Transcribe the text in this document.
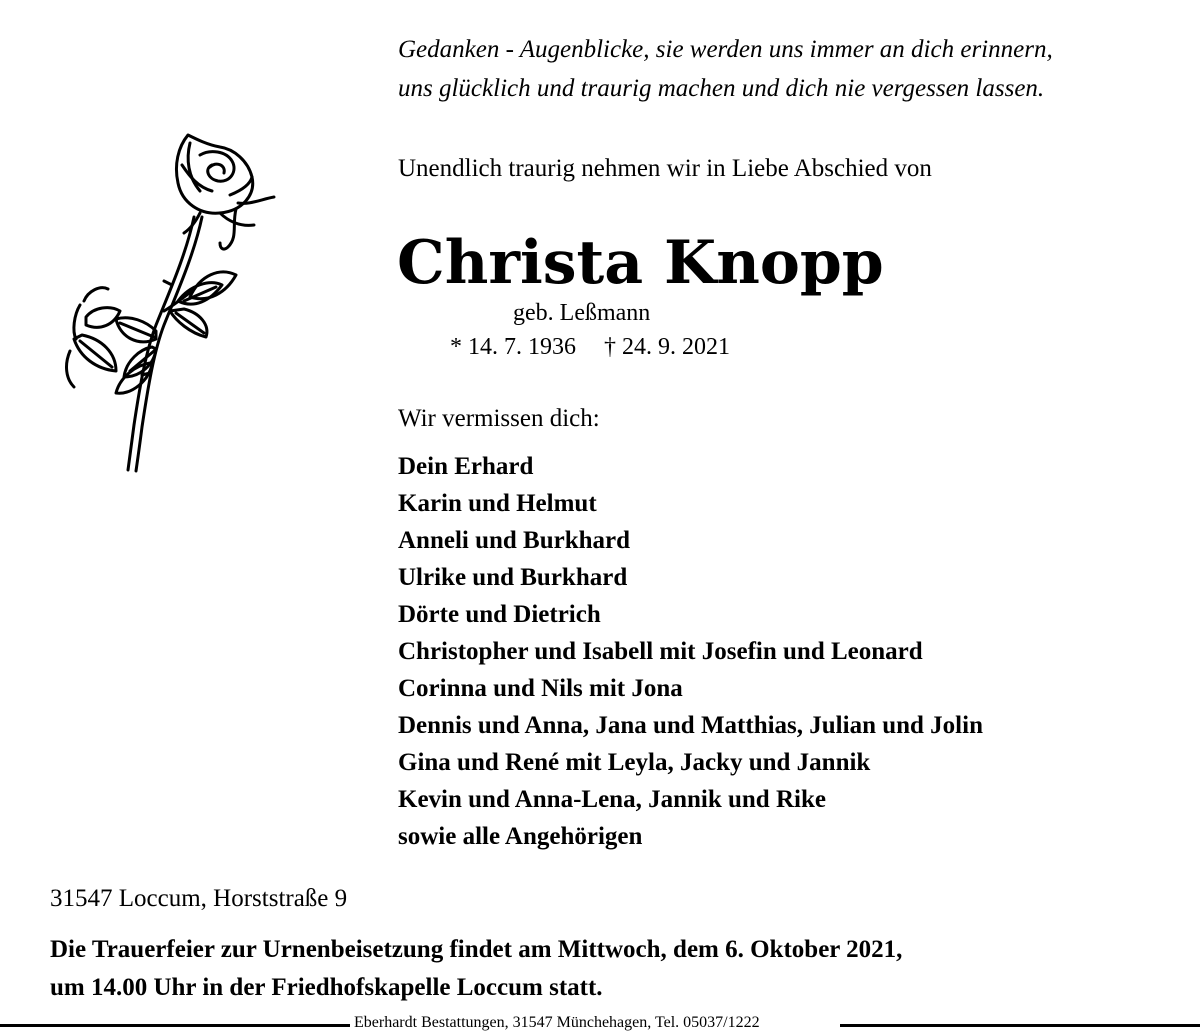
Gedanken - Augenblicke, sie werden uns immer an dich erinnern,
uns glücklich und traurig machen und dich nie vergessen lassen.
Unendlich traurig nehmen wir in Liebe Abschied von
Christa Knopp
geb. Leßmann
* 14. 7. 1936 † 24. 9. 2021
Wir vermissen dich:
Dein Erhard
Karin und Helmut
Anneli und Burkhard
Ulrike und Burkhard
Dörte und Dietrich
Christopher und Isabell mit Josefin und Leonard
Corinna und Nils mit Jona
Dennis und Anna, Jana und Matthias, Julian und Jolin
Gina und René mit Leyla, Jacky und Jannik
Kevin und Anna-Lena, Jannik und Rike
sowie alle Angehörigen
31547 Loccum, Horststraße 9
Die Trauerfeier zur Urnenbeisetzung findet am Mittwoch, dem 6. Oktober 2021,
um 14.00 Uhr in der Friedhofskapelle Loccum statt.
Eberhardt Bestattungen, 31547 Münchehagen, Tel. 05037/1222
